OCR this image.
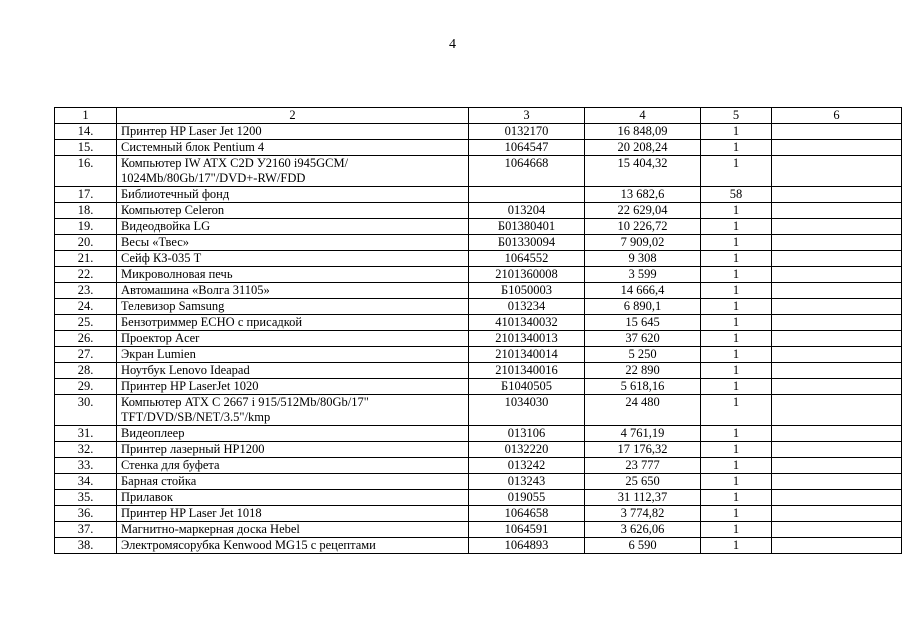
4
1	2	3	4	5	6
14.	Принтер HP Laser Jet 1200	0132170	16 848,09	1	
15.	Системный блок Pentium 4	1064547	20 208,24	1	
16.	Компьютер IW ATX C2D У2160 i945GCM/ 1024Mb/80Gb/17"/DVD+-RW/FDD	1064668	15 404,32	1	
17.	Библиотечный фонд		13 682,6	58	
18.	Компьютер Celeron	013204	22 629,04	1	
19.	Видеодвойка LG	Б01380401	10 226,72	1	
20.	Весы «Твес»	Б01330094	7 909,02	1	
21.	Сейф КЗ-035 Т	1064552	9 308	1	
22.	Микроволновая печь	2101360008	3 599	1	
23.	Автомашина «Волга 31105»	Б1050003	14 666,4	1	
24.	Телевизор Samsung	013234	6 890,1	1	
25.	Бензотриммер ECHO с присадкой	4101340032	15 645	1	
26.	Проектор Acer	2101340013	37 620	1	
27.	Экран Lumien	2101340014	5 250	1	
28.	Ноутбук Lenovo Ideapad	2101340016	22 890	1	
29.	Принтер HP LaserJet 1020	Б1040505	5 618,16	1	
30.	Компьютер ATX C 2667 i 915/512Mb/80Gb/17" TFT/DVD/SB/NET/3.5"/kmp	1034030	24 480	1	
31.	Видеоплеер	013106	4 761,19	1	
32.	Принтер лазерный HP1200	0132220	17 176,32	1	
33.	Стенка для буфета	013242	23 777	1	
34.	Барная стойка	013243	25 650	1	
35.	Прилавок	019055	31 112,37	1	
36.	Принтер HP Laser Jet 1018	1064658	3 774,82	1	
37.	Магнитно-маркерная доска Hebel	1064591	3 626,06	1	
38.	Электромясорубка Kenwood MG15 с рецептами	1064893	6 590	1	
